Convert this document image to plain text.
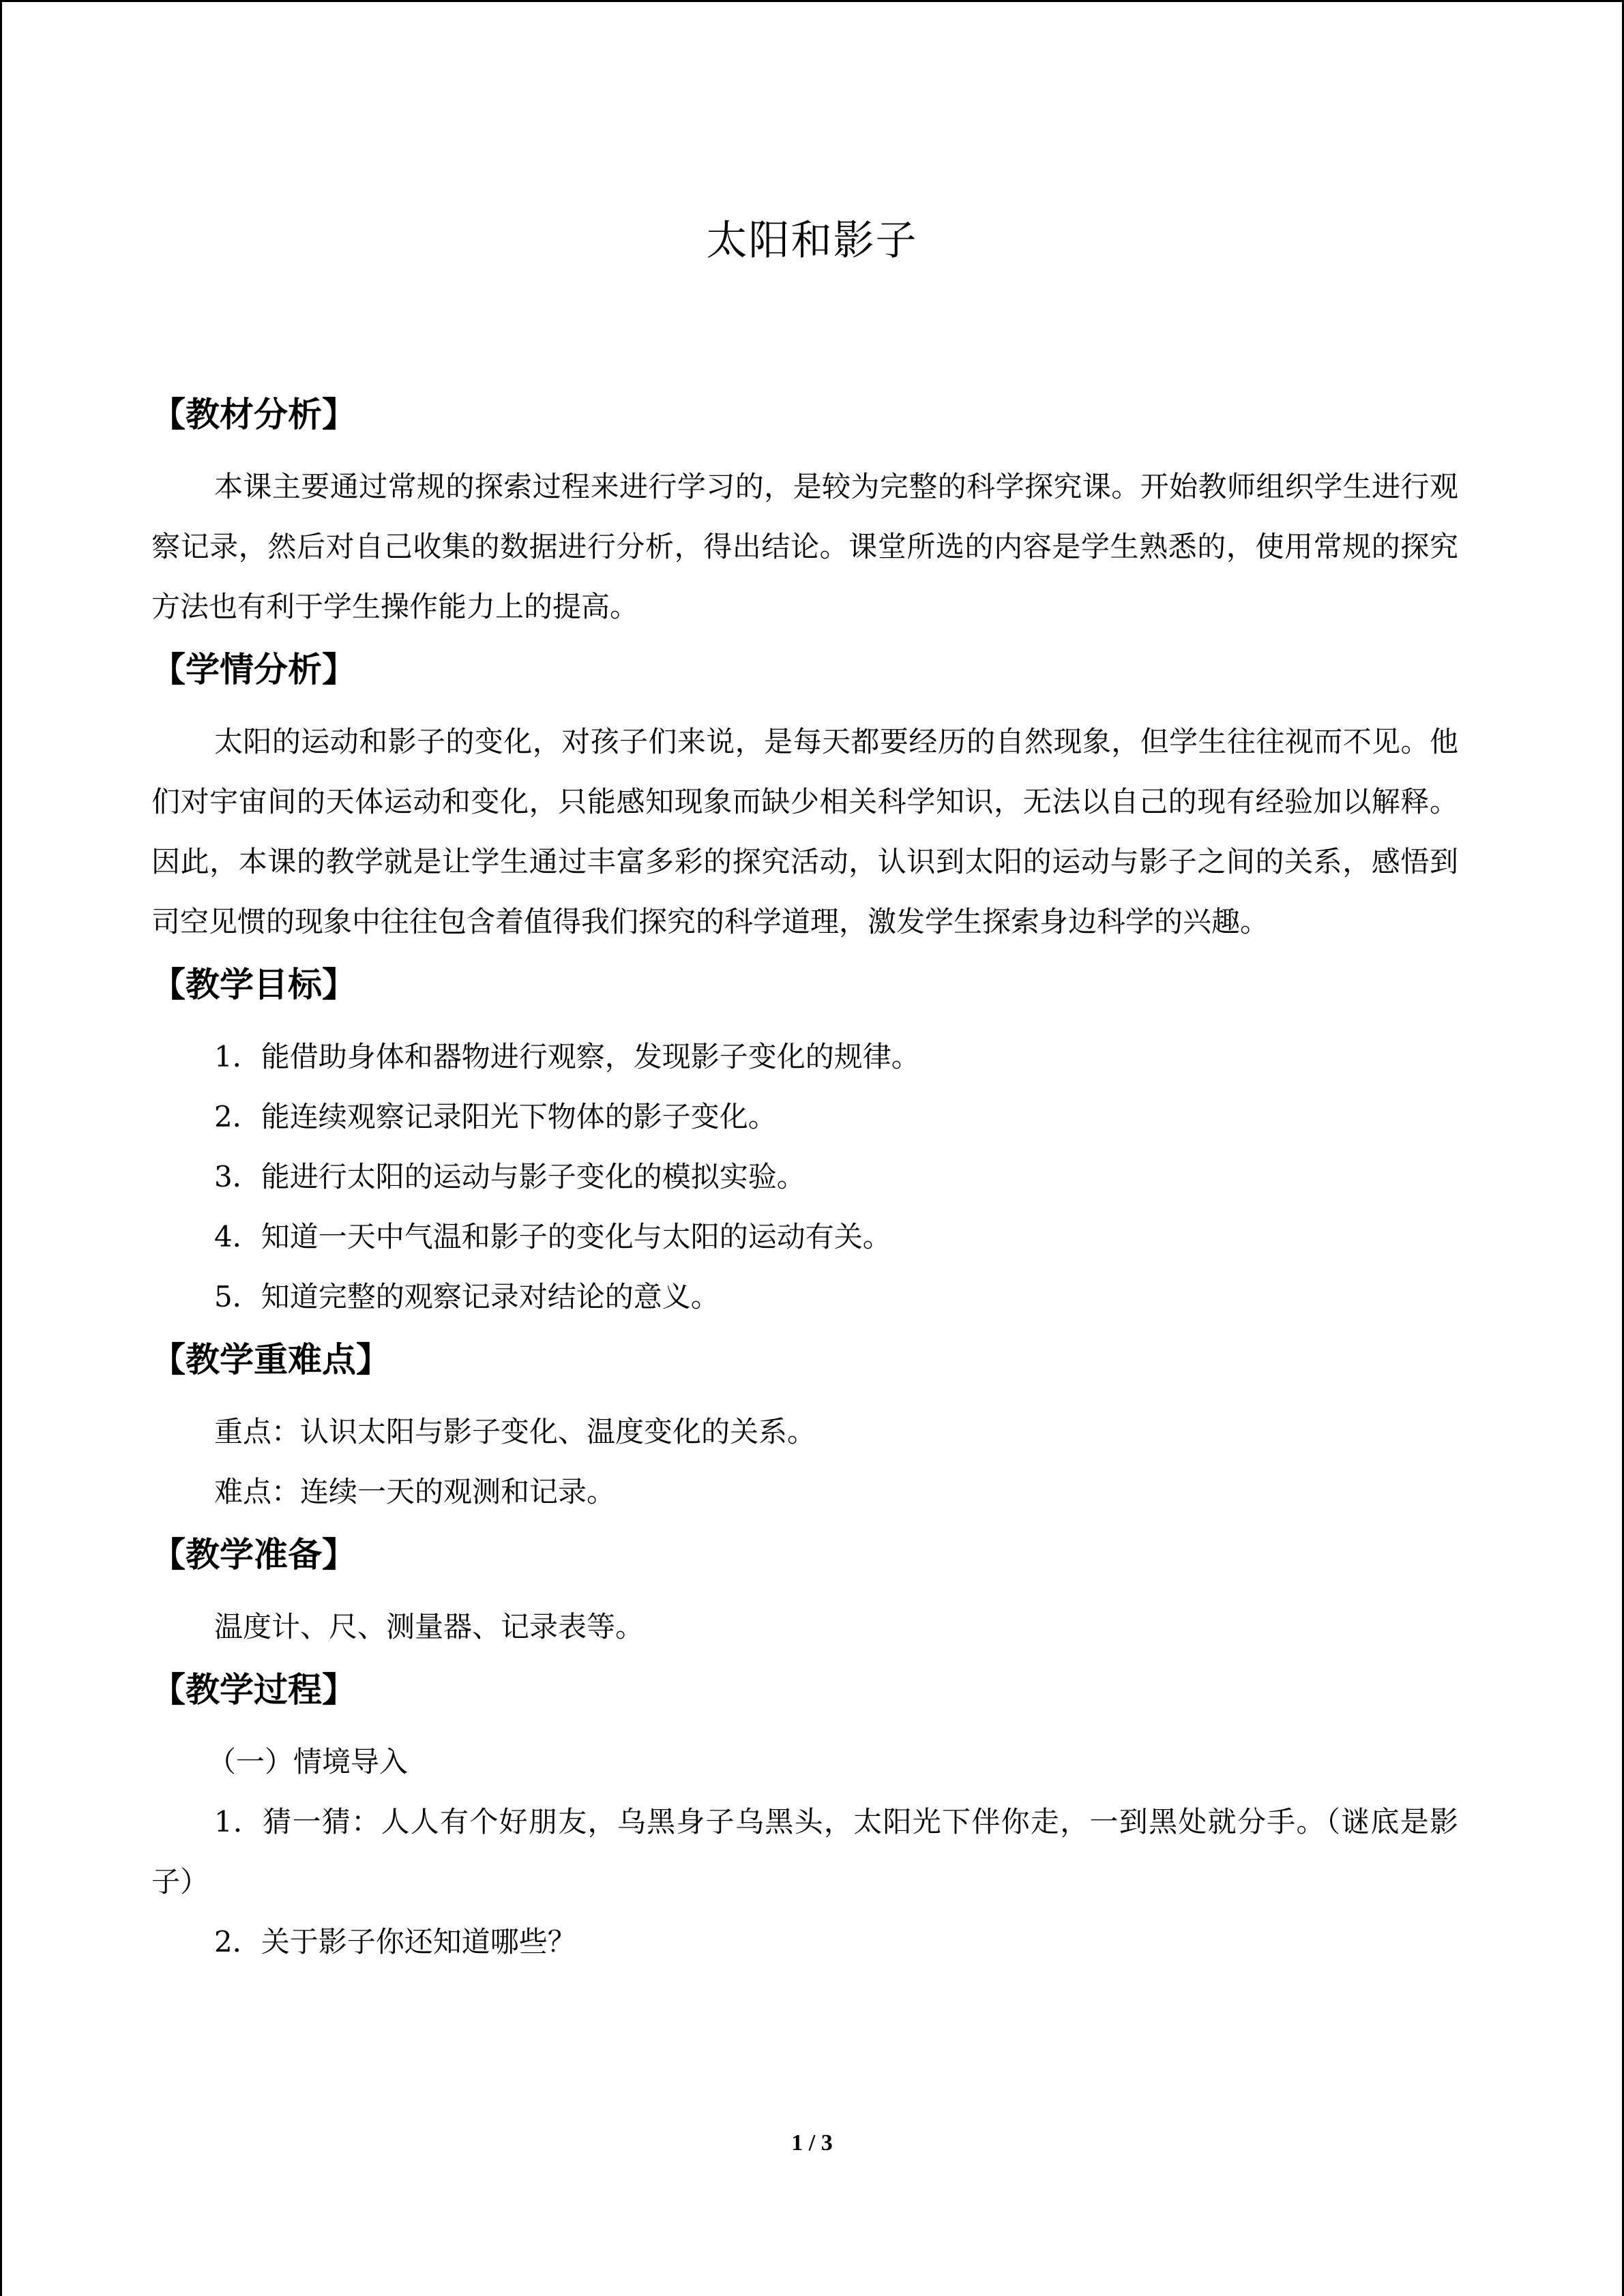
太阳和影子

【教材分析】

本课主要通过常规的探索过程来进行学习的，是较为完整的科学探究课。开始教师组织学生进行观察记录，然后对自己收集的数据进行分析，得出结论。课堂所选的内容是学生熟悉的，使用常规的探究方法也有利于学生操作能力上的提高。

【学情分析】

太阳的运动和影子的变化，对孩子们来说，是每天都要经历的自然现象，但学生往往视而不见。他们对宇宙间的天体运动和变化，只能感知现象而缺少相关科学知识，无法以自己的现有经验加以解释。因此，本课的教学就是让学生通过丰富多彩的探究活动，认识到太阳的运动与影子之间的关系，感悟到司空见惯的现象中往往包含着值得我们探究的科学道理，激发学生探索身边科学的兴趣。

【教学目标】

1．能借助身体和器物进行观察，发现影子变化的规律。

2．能连续观察记录阳光下物体的影子变化。

3．能进行太阳的运动与影子变化的模拟实验。

4．知道一天中气温和影子的变化与太阳的运动有关。

5．知道完整的观察记录对结论的意义。

【教学重难点】

重点：认识太阳与影子变化、温度变化的关系。

难点：连续一天的观测和记录。

【教学准备】

温度计、尺、测量器、记录表等。

【教学过程】

（一）情境导入

1．猜一猜：人人有个好朋友，乌黑身子乌黑头，太阳光下伴你走，一到黑处就分手。（谜底是影子）

2．关于影子你还知道哪些？

1 / 3
